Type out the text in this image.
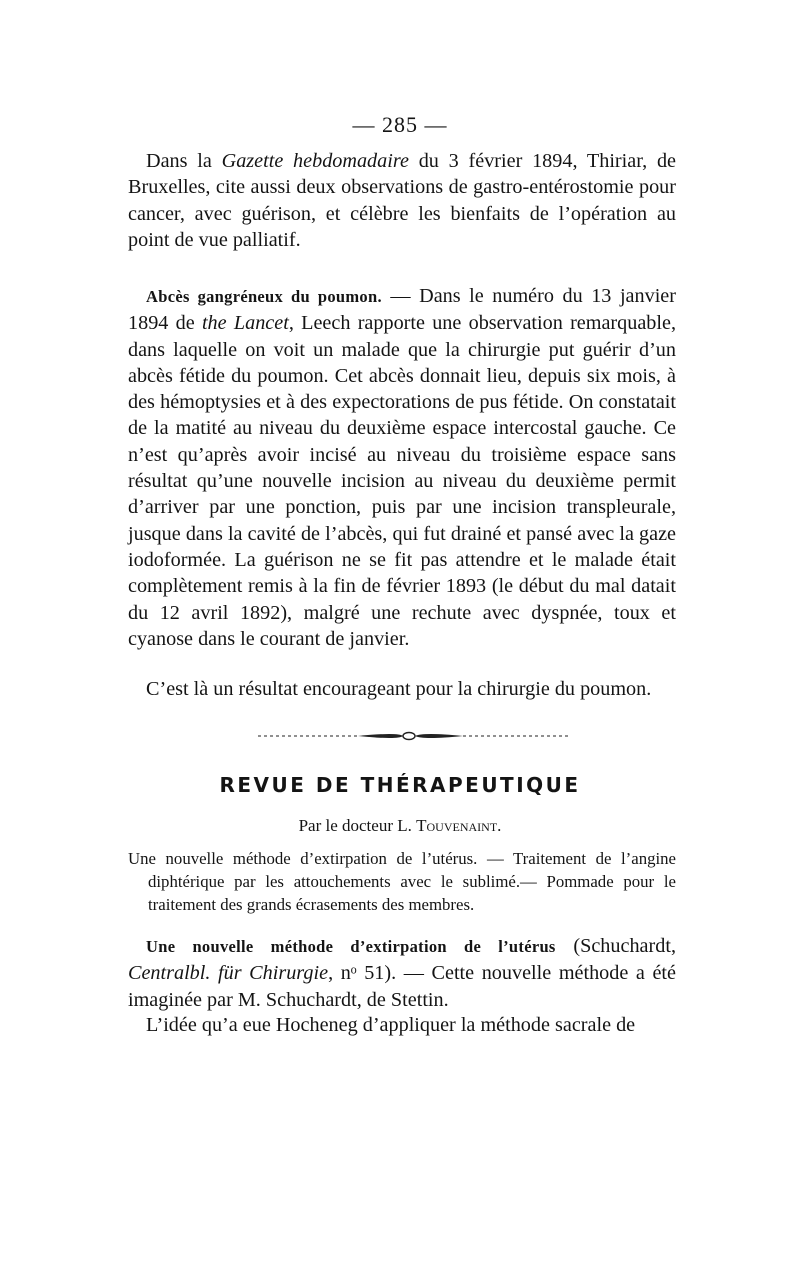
— 285 —

Dans la Gazette hebdomadaire du 3 février 1894, Thiriar, de Bruxelles, cite aussi deux observations de gastro-entérostomie pour cancer, avec guérison, et célèbre les bienfaits de l’opération au point de vue palliatif.

Abcès gangréneux du poumon. — Dans le numéro du 13 janvier 1894 de the Lancet, Leech rapporte une observation remarquable, dans laquelle on voit un malade que la chirurgie put guérir d’un abcès fétide du poumon. Cet abcès donnait lieu, depuis six mois, à des hémoptysies et à des expectorations de pus fétide. On constatait de la matité au niveau du deuxième espace intercostal gauche. Ce n’est qu’après avoir incisé au niveau du troisième espace sans résultat qu’une nouvelle incision au niveau du deuxième permit d’arriver par une ponction, puis par une incision transpleurale, jusque dans la cavité de l’abcès, qui fut drainé et pansé avec la gaze iodoformée. La guérison ne se fit pas attendre et le malade était complètement remis à la fin de février 1893 (le début du mal datait du 12 avril 1892), malgré une rechute avec dyspnée, toux et cyanose dans le courant de janvier.

C’est là un résultat encourageant pour la chirurgie du poumon.

REVUE DE THÉRAPEUTIQUE
Par le docteur L. Touvenaint.

Une nouvelle méthode d’extirpation de l’utérus. — Traitement de l’angine diphtérique par les attouchements avec le sublimé.— Pommade pour le traitement des grands écrasements des membres.

Une nouvelle méthode d’extirpation de l’utérus (Schuchardt, Centralbl. für Chirurgie, nᵒ 51). — Cette nouvelle méthode a été imaginée par M. Schuchardt, de Stettin.

L’idée qu’a eue Hocheneg d’appliquer la méthode sacrale de
